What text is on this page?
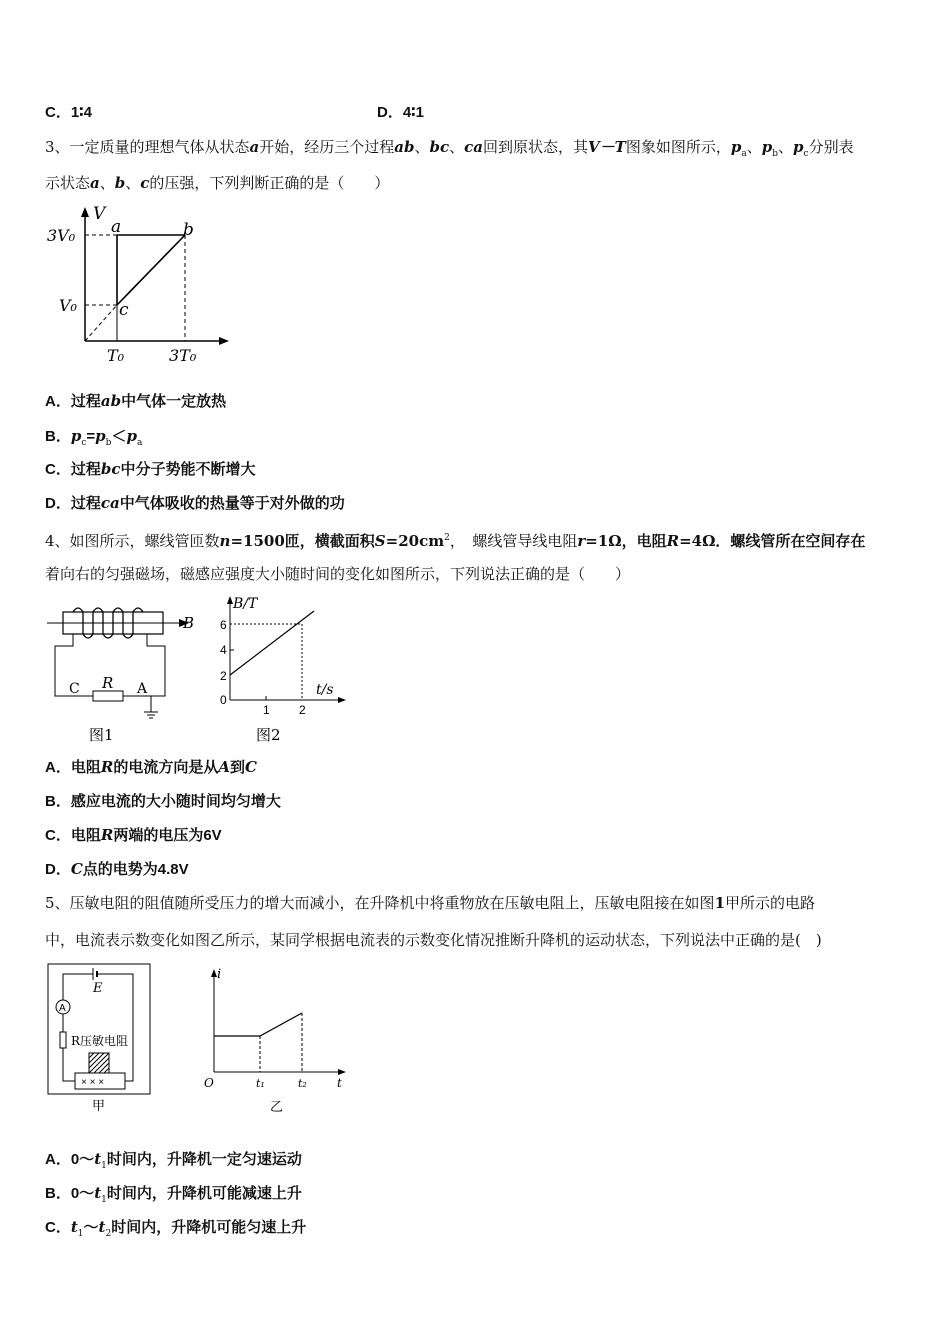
C．1∶4	D．4∶1
3、一定质量的理想气体从状态a开始，经历三个过程ab、bc、ca回到原状态，其V－T图象如图所示，$p_a$、$p_b$、$p_c$分别表
示状态a、b、c的压强，下列判断正确的是（　　）
V
a	b
c
3V₀
V₀
T₀	3T₀
A．过程ab中气体一定放热
B．$p_c=p_b<p_a$
C．过程bc中分子势能不断增大
D．过程ca中气体吸收的热量等于对外做的功
4、如图所示，螺线管匝数n=1500匝，横截面积$S=20cm^2$，　螺线管导线电阻r=1Ω，电阻R=4Ω．螺线管所在空间存在
着向右的匀强磁场，磁感应强度大小随时间的变化如图所示，下列说法正确的是（　　）
B
C R A
图1
B/T
t/s
6
4
2
0
1 2
图2
A．电阻R的电流方向是从A到C
B．感应电流的大小随时间均匀增大
C．电阻R两端的电压为6V
D．C点的电势为4.8V
5、压敏电阻的阻值随所受压力的增大而减小，在升降机中将重物放在压敏电阻上，压敏电阻接在如图1甲所示的电路
中，电流表示数变化如图乙所示，某同学根据电流表的示数变化情况推断升降机的运动状态，下列说法中正确的是(　)
A
E
R压敏电阻
× × ×
甲
i
O	t₁	t₂	t
乙
A．$0\sim t_1$时间内，升降机一定匀速运动
B．$0\sim t_1$时间内，升降机可能减速上升
C．$t_1\sim t_2$时间内，升降机可能匀速上升
